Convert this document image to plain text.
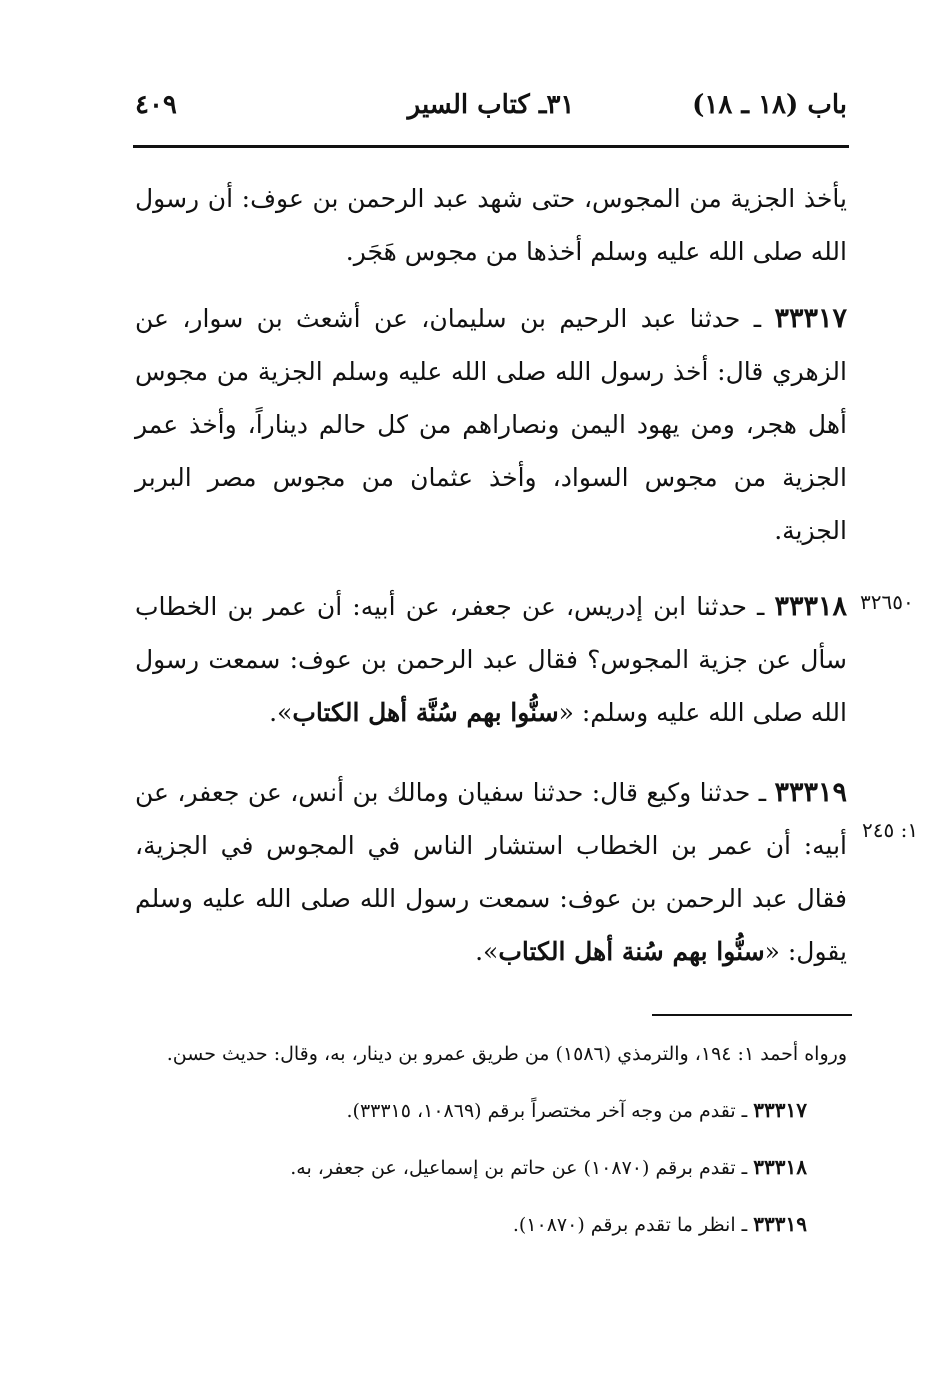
باب (١٨ ـ ١٨)
٣١ـ كتاب السير
٤٠٩
يأخذ الجزية من المجوس، حتى شهد عبد الرحمن بن عوف: أن رسول الله صلى الله عليه وسلم أخذها من مجوس هَجَر.
٣٣٣١٧ ـ حدثنا عبد الرحيم بن سليمان، عن أشعث بن سوار، عن الزهري قال: أخذ رسول الله صلى الله عليه وسلم الجزية من مجوس أهل هجر، ومن يهود اليمن ونصاراهم من كل حالم ديناراً، وأخذ عمر الجزية من مجوس السواد، وأخذ عثمان من مجوس مصر البربر الجزية.
٣٢٦٥٠
٣٣٣١٨ ـ حدثنا ابن إدريس، عن جعفر، عن أبيه: أن عمر بن الخطاب سأل عن جزية المجوس؟ فقال عبد الرحمن بن عوف: سمعت رسول الله صلى الله عليه وسلم: «سنُّوا بهم سُنَّة أهل الكتاب».
١: ٢٤٥
٣٣٣١٩ ـ حدثنا وكيع قال: حدثنا سفيان ومالك بن أنس، عن جعفر، عن أبيه: أن عمر بن الخطاب استشار الناس في المجوس في الجزية، فقال عبد الرحمن بن عوف: سمعت رسول الله صلى الله عليه وسلم يقول: «سنُّوا بهم سُنة أهل الكتاب».
ورواه أحمد ١: ١٩٤، والترمذي (١٥٨٦) من طريق عمرو بن دينار، به، وقال: حديث حسن.
٣٣٣١٧ ـ تقدم من وجه آخر مختصراً برقم (١٠٨٦٩، ٣٣٣١٥).
٣٣٣١٨ ـ تقدم برقم (١٠٨٧٠) عن حاتم بن إسماعيل، عن جعفر، به.
٣٣٣١٩ ـ انظر ما تقدم برقم (١٠٨٧٠).
